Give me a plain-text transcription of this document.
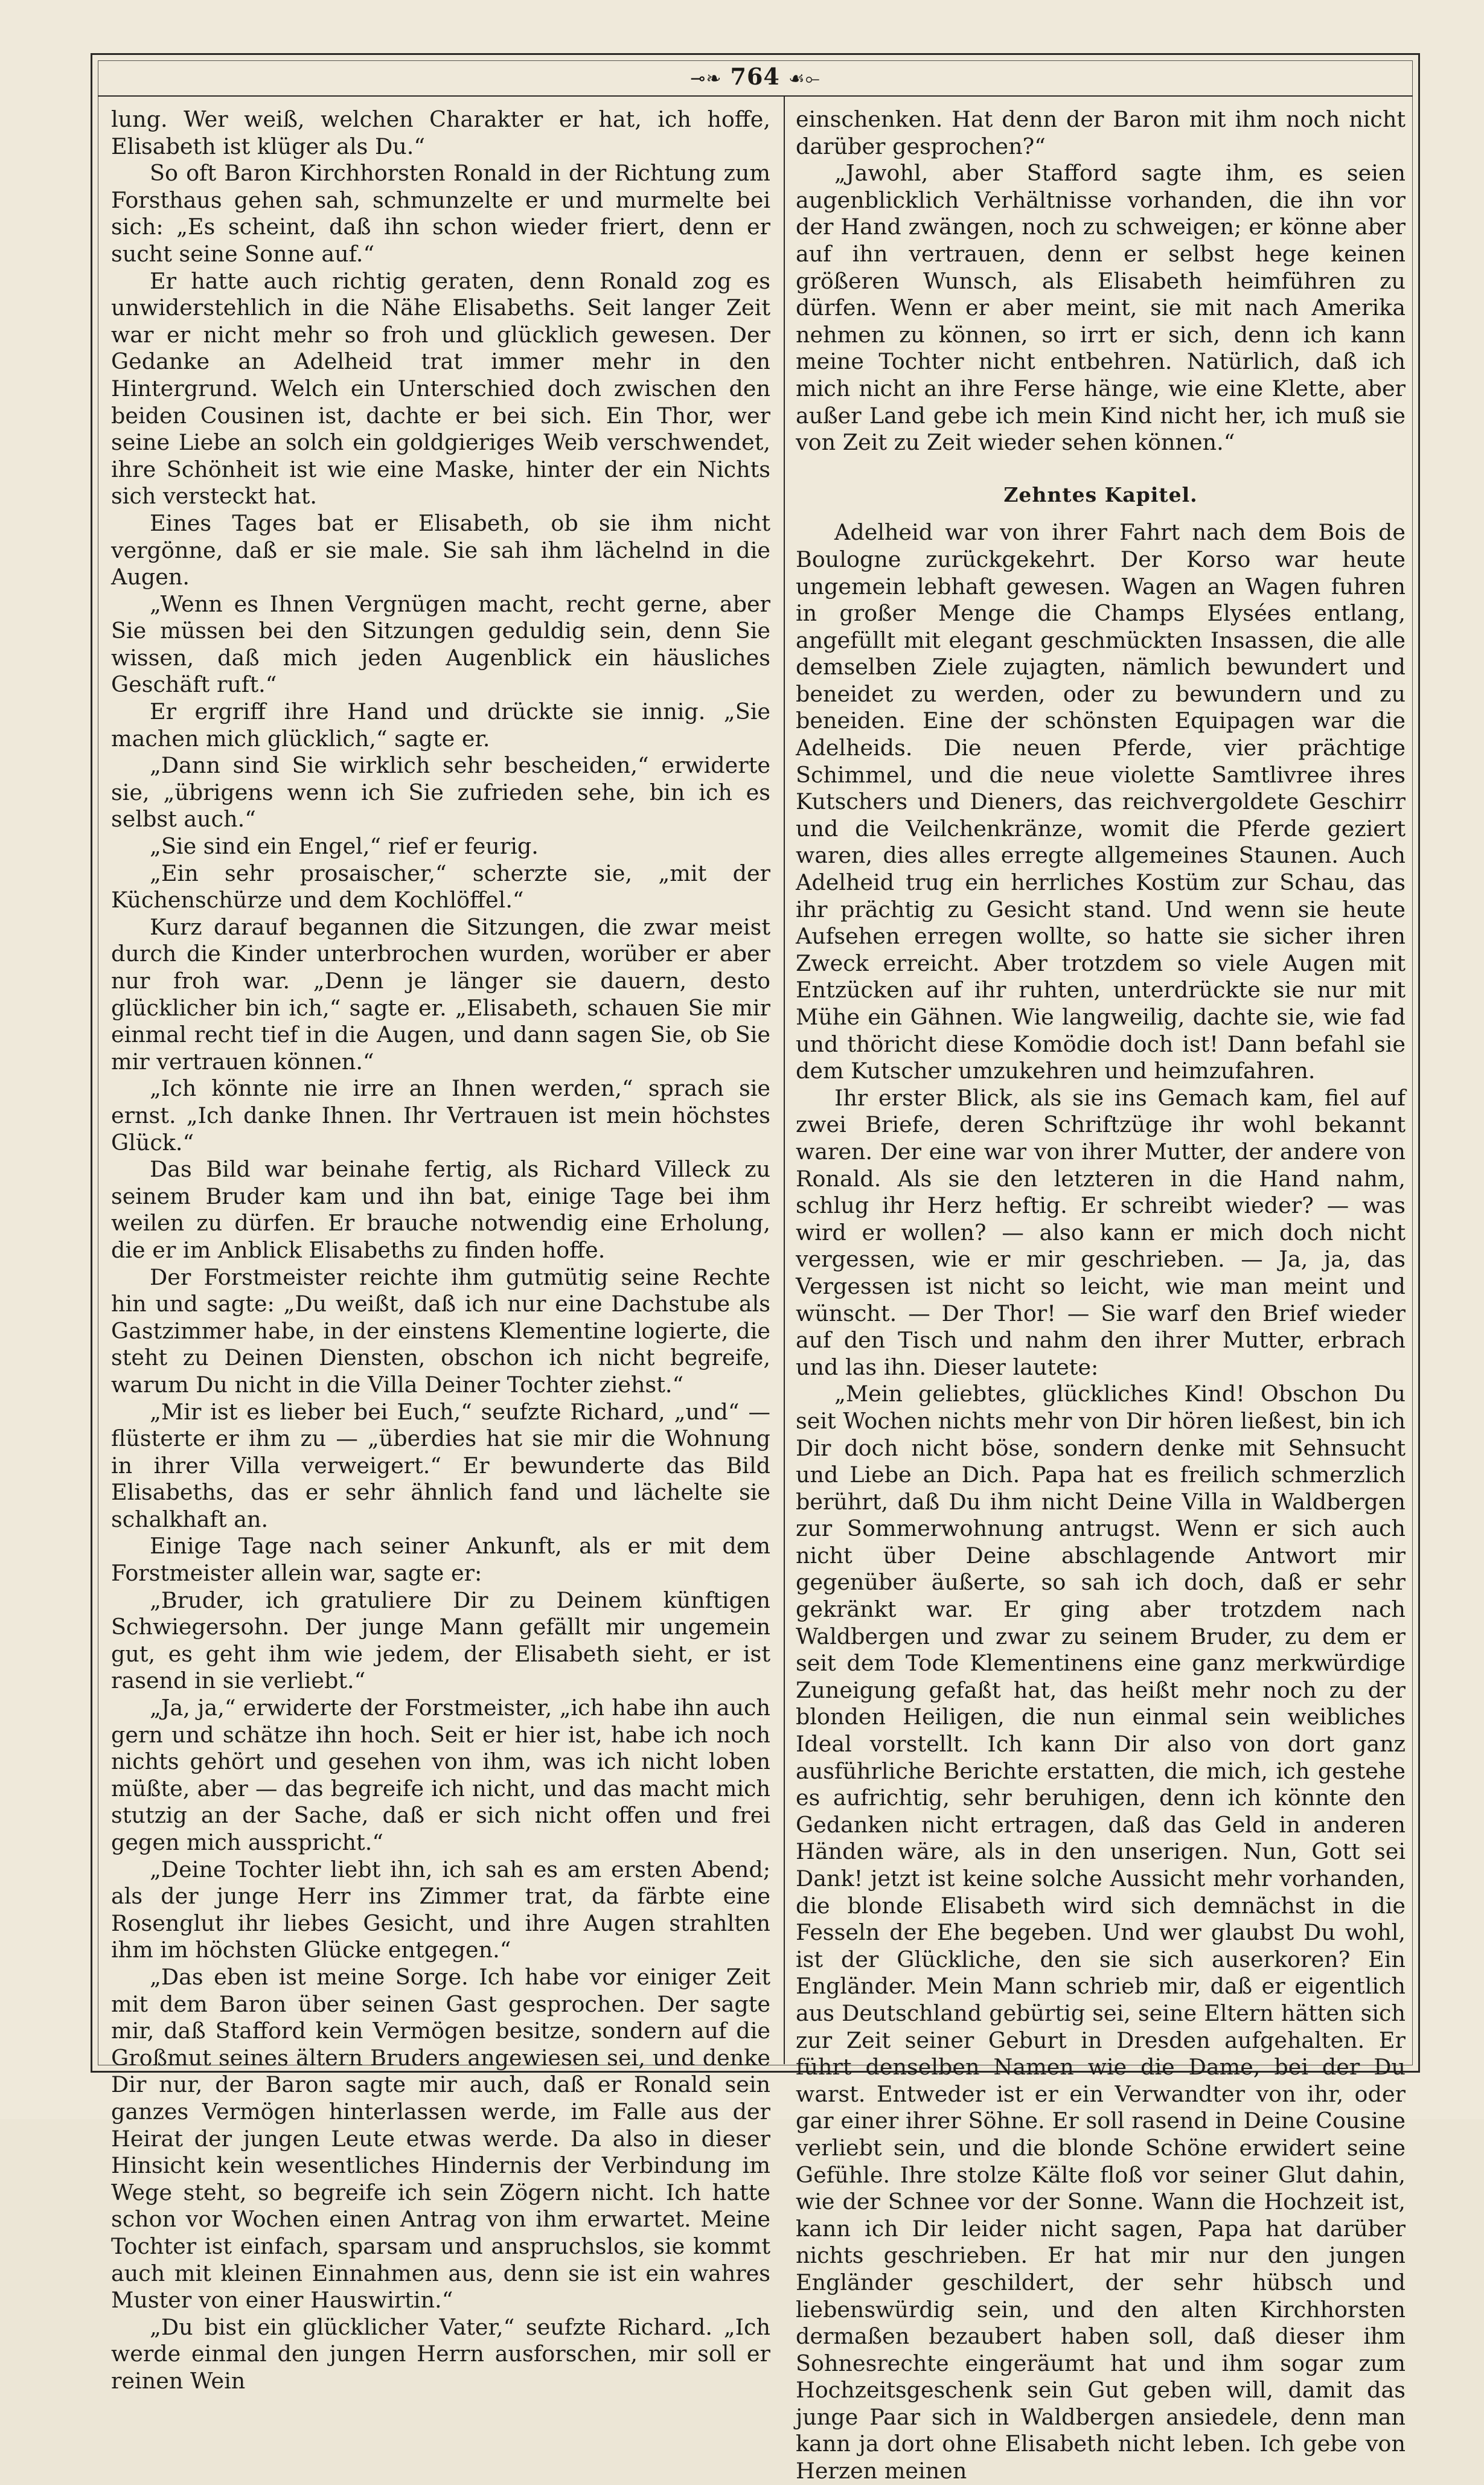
⊸❧ 764 ☙⟜

lung. Wer weiß, welchen Charakter er hat, ich hoffe, Elisabeth ist klüger als Du.“

So oft Baron Kirchhorsten Ronald in der Richtung zum Forsthaus gehen sah, schmunzelte er und murmelte bei sich: „Es scheint, daß ihn schon wieder friert, denn er sucht seine Sonne auf.“

Er hatte auch richtig geraten, denn Ronald zog es unwiderstehlich in die Nähe Elisabeths. Seit langer Zeit war er nicht mehr so froh und glücklich gewesen. Der Gedanke an Adelheid trat immer mehr in den Hintergrund. Welch ein Unterschied doch zwischen den beiden Cousinen ist, dachte er bei sich. Ein Thor, wer seine Liebe an solch ein goldgieriges Weib verschwendet, ihre Schönheit ist wie eine Maske, hinter der ein Nichts sich versteckt hat.

Eines Tages bat er Elisabeth, ob sie ihm nicht vergönne, daß er sie male. Sie sah ihm lächelnd in die Augen.

„Wenn es Ihnen Vergnügen macht, recht gerne, aber Sie müssen bei den Sitzungen geduldig sein, denn Sie wissen, daß mich jeden Augenblick ein häusliches Geschäft ruft.“

Er ergriff ihre Hand und drückte sie innig. „Sie machen mich glücklich,“ sagte er.

„Dann sind Sie wirklich sehr bescheiden,“ erwiderte sie, „übrigens wenn ich Sie zufrieden sehe, bin ich es selbst auch.“

„Sie sind ein Engel,“ rief er feurig.

„Ein sehr prosaischer,“ scherzte sie, „mit der Küchenschürze und dem Kochlöffel.“

Kurz darauf begannen die Sitzungen, die zwar meist durch die Kinder unterbrochen wurden, worüber er aber nur froh war. „Denn je länger sie dauern, desto glücklicher bin ich,“ sagte er. „Elisabeth, schauen Sie mir einmal recht tief in die Augen, und dann sagen Sie, ob Sie mir vertrauen können.“

„Ich könnte nie irre an Ihnen werden,“ sprach sie ernst. „Ich danke Ihnen. Ihr Vertrauen ist mein höchstes Glück.“

Das Bild war beinahe fertig, als Richard Villeck zu seinem Bruder kam und ihn bat, einige Tage bei ihm weilen zu dürfen. Er brauche notwendig eine Erholung, die er im Anblick Elisabeths zu finden hoffe.

Der Forstmeister reichte ihm gutmütig seine Rechte hin und sagte: „Du weißt, daß ich nur eine Dachstube als Gastzimmer habe, in der einstens Klementine logierte, die steht zu Deinen Diensten, obschon ich nicht begreife, warum Du nicht in die Villa Deiner Tochter ziehst.“

„Mir ist es lieber bei Euch,“ seufzte Richard, „und“ — flüsterte er ihm zu — „überdies hat sie mir die Wohnung in ihrer Villa verweigert.“ Er bewunderte das Bild Elisabeths, das er sehr ähnlich fand und lächelte sie schalkhaft an.

Einige Tage nach seiner Ankunft, als er mit dem Forstmeister allein war, sagte er:

„Bruder, ich gratuliere Dir zu Deinem künftigen Schwiegersohn. Der junge Mann gefällt mir ungemein gut, es geht ihm wie jedem, der Elisabeth sieht, er ist rasend in sie verliebt.“

„Ja, ja,“ erwiderte der Forstmeister, „ich habe ihn auch gern und schätze ihn hoch. Seit er hier ist, habe ich noch nichts gehört und gesehen von ihm, was ich nicht loben müßte, aber — das begreife ich nicht, und das macht mich stutzig an der Sache, daß er sich nicht offen und frei gegen mich ausspricht.“

„Deine Tochter liebt ihn, ich sah es am ersten Abend; als der junge Herr ins Zimmer trat, da färbte eine Rosenglut ihr liebes Gesicht, und ihre Augen strahlten ihm im höchsten Glücke entgegen.“

„Das eben ist meine Sorge. Ich habe vor einiger Zeit mit dem Baron über seinen Gast gesprochen. Der sagte mir, daß Stafford kein Vermögen besitze, sondern auf die Großmut seines ältern Bruders angewiesen sei, und denke Dir nur, der Baron sagte mir auch, daß er Ronald sein ganzes Vermögen hinterlassen werde, im Falle aus der Heirat der jungen Leute etwas werde. Da also in dieser Hinsicht kein wesentliches Hindernis der Verbindung im Wege steht, so begreife ich sein Zögern nicht. Ich hatte schon vor Wochen einen Antrag von ihm erwartet. Meine Tochter ist einfach, sparsam und anspruchslos, sie kommt auch mit kleinen Einnahmen aus, denn sie ist ein wahres Muster von einer Hauswirtin.“

„Du bist ein glücklicher Vater,“ seufzte Richard. „Ich werde einmal den jungen Herrn ausforschen, mir soll er reinen Wein

einschenken. Hat denn der Baron mit ihm noch nicht darüber gesprochen?“

„Jawohl, aber Stafford sagte ihm, es seien augenblicklich Verhältnisse vorhanden, die ihn vor der Hand zwängen, noch zu schweigen; er könne aber auf ihn vertrauen, denn er selbst hege keinen größeren Wunsch, als Elisabeth heimführen zu dürfen. Wenn er aber meint, sie mit nach Amerika nehmen zu können, so irrt er sich, denn ich kann meine Tochter nicht entbehren. Natürlich, daß ich mich nicht an ihre Ferse hänge, wie eine Klette, aber außer Land gebe ich mein Kind nicht her, ich muß sie von Zeit zu Zeit wieder sehen können.“

Zehntes Kapitel.

Adelheid war von ihrer Fahrt nach dem Bois de Boulogne zurückgekehrt. Der Korso war heute ungemein lebhaft gewesen. Wagen an Wagen fuhren in großer Menge die Champs Elysées entlang, angefüllt mit elegant geschmückten Insassen, die alle demselben Ziele zujagten, nämlich bewundert und beneidet zu werden, oder zu bewundern und zu beneiden. Eine der schönsten Equipagen war die Adelheids. Die neuen Pferde, vier prächtige Schimmel, und die neue violette Samtlivree ihres Kutschers und Dieners, das reichvergoldete Geschirr und die Veilchenkränze, womit die Pferde geziert waren, dies alles erregte allgemeines Staunen. Auch Adelheid trug ein herrliches Kostüm zur Schau, das ihr prächtig zu Gesicht stand. Und wenn sie heute Aufsehen erregen wollte, so hatte sie sicher ihren Zweck erreicht. Aber trotzdem so viele Augen mit Entzücken auf ihr ruhten, unterdrückte sie nur mit Mühe ein Gähnen. Wie langweilig, dachte sie, wie fad und thöricht diese Komödie doch ist! Dann befahl sie dem Kutscher umzukehren und heimzufahren.

Ihr erster Blick, als sie ins Gemach kam, fiel auf zwei Briefe, deren Schriftzüge ihr wohl bekannt waren. Der eine war von ihrer Mutter, der andere von Ronald. Als sie den letzteren in die Hand nahm, schlug ihr Herz heftig. Er schreibt wieder? — was wird er wollen? — also kann er mich doch nicht vergessen, wie er mir geschrieben. — Ja, ja, das Vergessen ist nicht so leicht, wie man meint und wünscht. — Der Thor! — Sie warf den Brief wieder auf den Tisch und nahm den ihrer Mutter, erbrach und las ihn. Dieser lautete:

„Mein geliebtes, glückliches Kind! Obschon Du seit Wochen nichts mehr von Dir hören ließest, bin ich Dir doch nicht böse, sondern denke mit Sehnsucht und Liebe an Dich. Papa hat es freilich schmerzlich berührt, daß Du ihm nicht Deine Villa in Waldbergen zur Sommerwohnung antrugst. Wenn er sich auch nicht über Deine abschlagende Antwort mir gegenüber äußerte, so sah ich doch, daß er sehr gekränkt war. Er ging aber trotzdem nach Waldbergen und zwar zu seinem Bruder, zu dem er seit dem Tode Klementinens eine ganz merkwürdige Zuneigung gefaßt hat, das heißt mehr noch zu der blonden Heiligen, die nun einmal sein weibliches Ideal vorstellt. Ich kann Dir also von dort ganz ausführliche Berichte erstatten, die mich, ich gestehe es aufrichtig, sehr beruhigen, denn ich könnte den Gedanken nicht ertragen, daß das Geld in anderen Händen wäre, als in den unserigen. Nun, Gott sei Dank! jetzt ist keine solche Aussicht mehr vorhanden, die blonde Elisabeth wird sich demnächst in die Fesseln der Ehe begeben. Und wer glaubst Du wohl, ist der Glückliche, den sie sich auserkoren? Ein Engländer. Mein Mann schrieb mir, daß er eigentlich aus Deutschland gebürtig sei, seine Eltern hätten sich zur Zeit seiner Geburt in Dresden aufgehalten. Er führt denselben Namen wie die Dame, bei der Du warst. Entweder ist er ein Verwandter von ihr, oder gar einer ihrer Söhne. Er soll rasend in Deine Cousine verliebt sein, und die blonde Schöne erwidert seine Gefühle. Ihre stolze Kälte floß vor seiner Glut dahin, wie der Schnee vor der Sonne. Wann die Hochzeit ist, kann ich Dir leider nicht sagen, Papa hat darüber nichts geschrieben. Er hat mir nur den jungen Engländer geschildert, der sehr hübsch und liebenswürdig sein, und den alten Kirchhorsten dermaßen bezaubert haben soll, daß dieser ihm Sohnesrechte eingeräumt hat und ihm sogar zum Hochzeitsgeschenk sein Gut geben will, damit das junge Paar sich in Waldbergen ansiedele, denn man kann ja dort ohne Elisabeth nicht leben. Ich gebe von Herzen meinen
